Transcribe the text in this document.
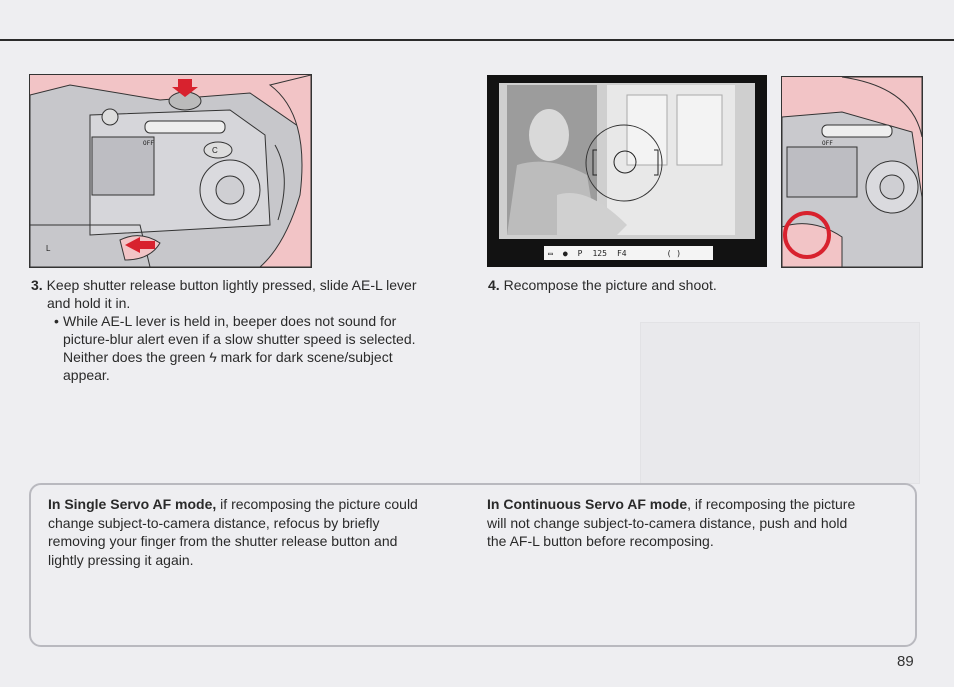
OFF
C
L	▭ ● P 125 F4	( )
OFF
3. Keep shutter release button lightly pressed, slide AE-L lever
and hold it in.
• While AE-L lever is held in, beeper does not sound for
picture-blur alert even if a slow shutter speed is selected.
Neither does the green ϟ mark for dark scene/subject
appear.
4. Recompose the picture and shoot.
In Single Servo AF mode, if recomposing the picture could
change subject-to-camera distance, refocus by briefly
removing your finger from the shutter release button and
lightly pressing it again.
In Continuous Servo AF mode, if recomposing the picture
will not change subject-to-camera distance, push and hold
the AF-L button before recomposing.
89
